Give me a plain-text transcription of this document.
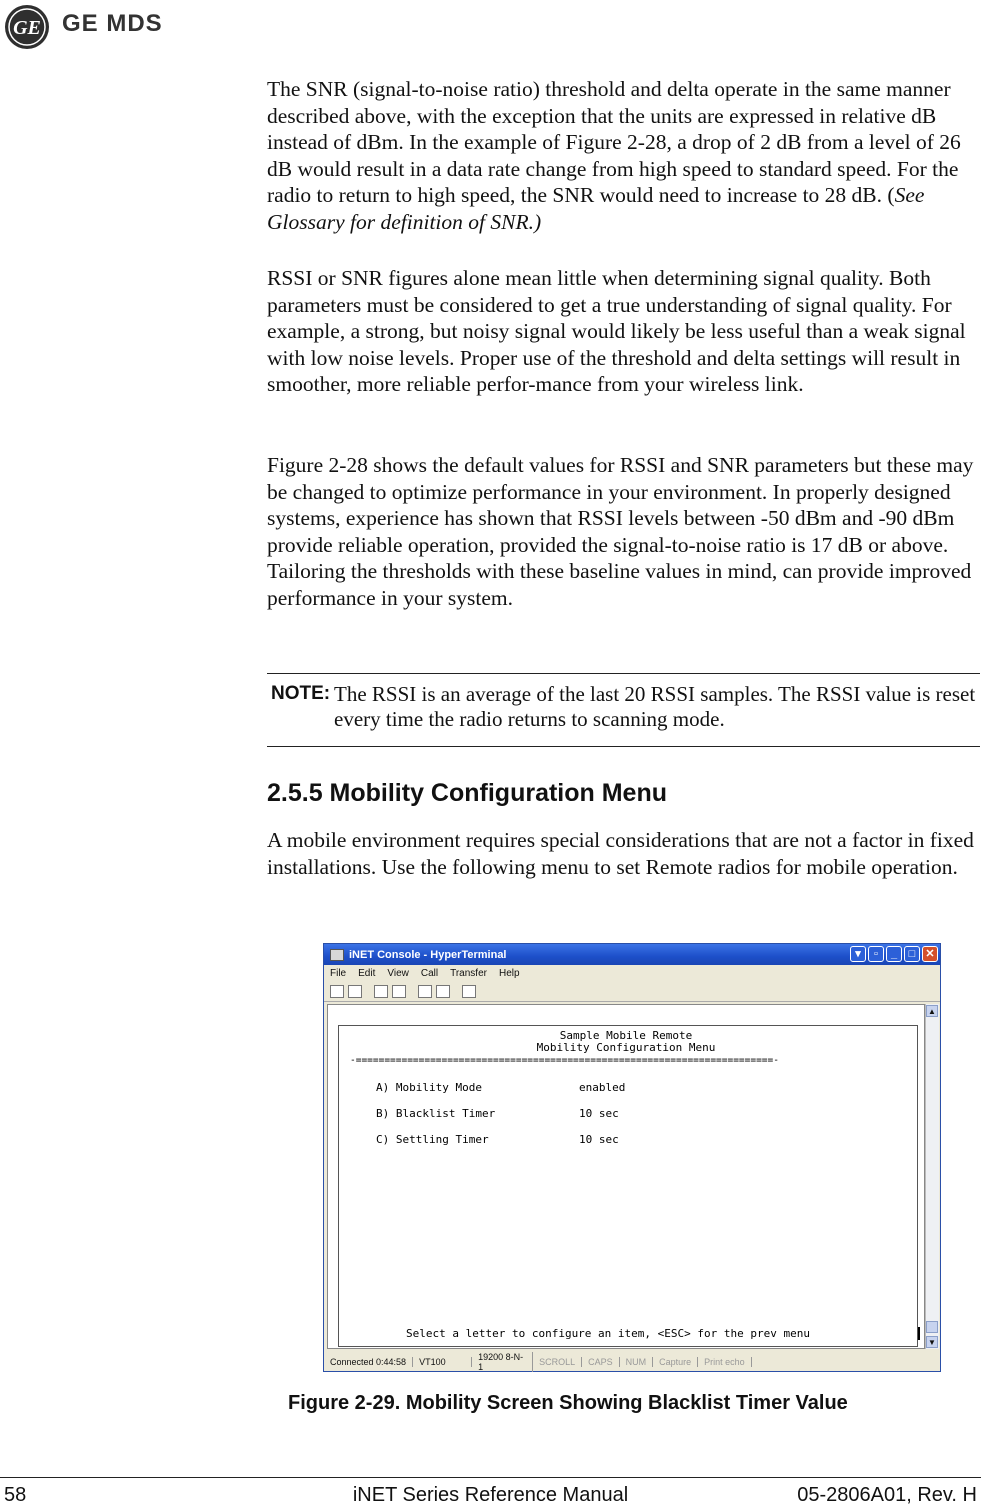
GE GE MDS

The SNR (signal-to-noise ratio) threshold and delta operate in the same manner described above, with the exception that the units are expressed in relative dB instead of dBm. In the example of Figure 2-28, a drop of 2 dB from a level of 26 dB would result in a data rate change from high speed to standard speed. For the radio to return to high speed, the SNR would need to increase to 28 dB. (See Glossary for definition of SNR.)

RSSI or SNR figures alone mean little when determining signal quality. Both parameters must be considered to get a true understanding of signal quality. For example, a strong, but noisy signal would likely be less useful than a weak signal with low noise levels. Proper use of the threshold and delta settings will result in smoother, more reliable perfor-mance from your wireless link.

Figure 2-28 shows the default values for RSSI and SNR parameters but these may be changed to optimize performance in your environment. In properly designed systems, experience has shown that RSSI levels between -50 dBm and -90 dBm provide reliable operation, provided the signal-to-noise ratio is 17 dB or above. Tailoring the thresholds with these baseline values in mind, can provide improved performance in your system.

NOTE: The RSSI is an average of the last 20 RSSI samples. The RSSI value is reset every time the radio returns to scanning mode.
2.5.5 Mobility Configuration Menu

A mobile environment requires special considerations that are not a factor in fixed installations. Use the following menu to set Remote radios for mobile operation.

iNET Console - HyperTerminal	▾	▫	_	□ ✕
File Edit View Call Transfer Help
Sample Mobile Remote
Mobility Configuration Menu
-=========================================================================-
A) Mobility Mode	enabled
B) Blacklist Timer	10 sec
C) Settling Timer	10 sec
Select a letter to configure an item, <ESC> for the prev menu
▲
▼
Connected 0:44:58	VT100	19200 8-N-1	SCROLL	CAPS	NUM	Capture	Print echo
Figure 2-29. Mobility Screen Showing Blacklist Timer Value
58	iNET Series Reference Manual	05-2806A01, Rev. H
